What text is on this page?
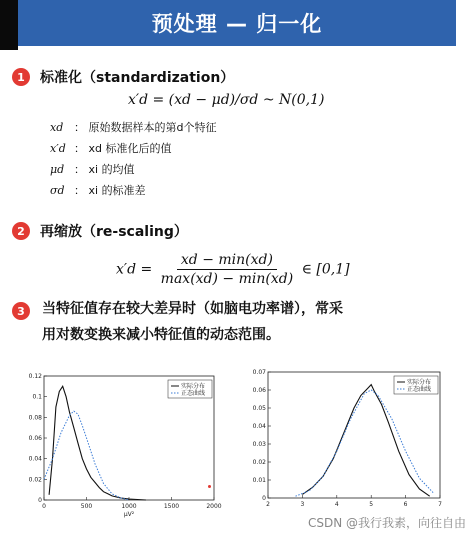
预处理 — 归一化
1	标准化（standardization）
x′d = (xd − μd)/σd ~ N(0,1)
xd ： 原始数据样本的第d个特征
x′d ： xd 标准化后的值
μd ： xi 的均值
σd ： xi 的标准差
2	再缩放（re-scaling）
$x'd = \frac{xd - \min(xd)}{\max(xd) - \min(xd)}$ ∈ [0,1]
3	当特征值存在较大差异时（如脑电功率谱），常采
用对数变换来减小特征值的动态范围。
0	500	1000	1500	2000
0
0.02
0.04
0.06
0.08
0.1
0.12
μV²
实际分布
正态曲线
2	3	4	5	6	7
0
0.01
0.02
0.03
0.04
0.05
0.06
0.07
实际分布
正态曲线
CSDN @我行我素，向往自由
